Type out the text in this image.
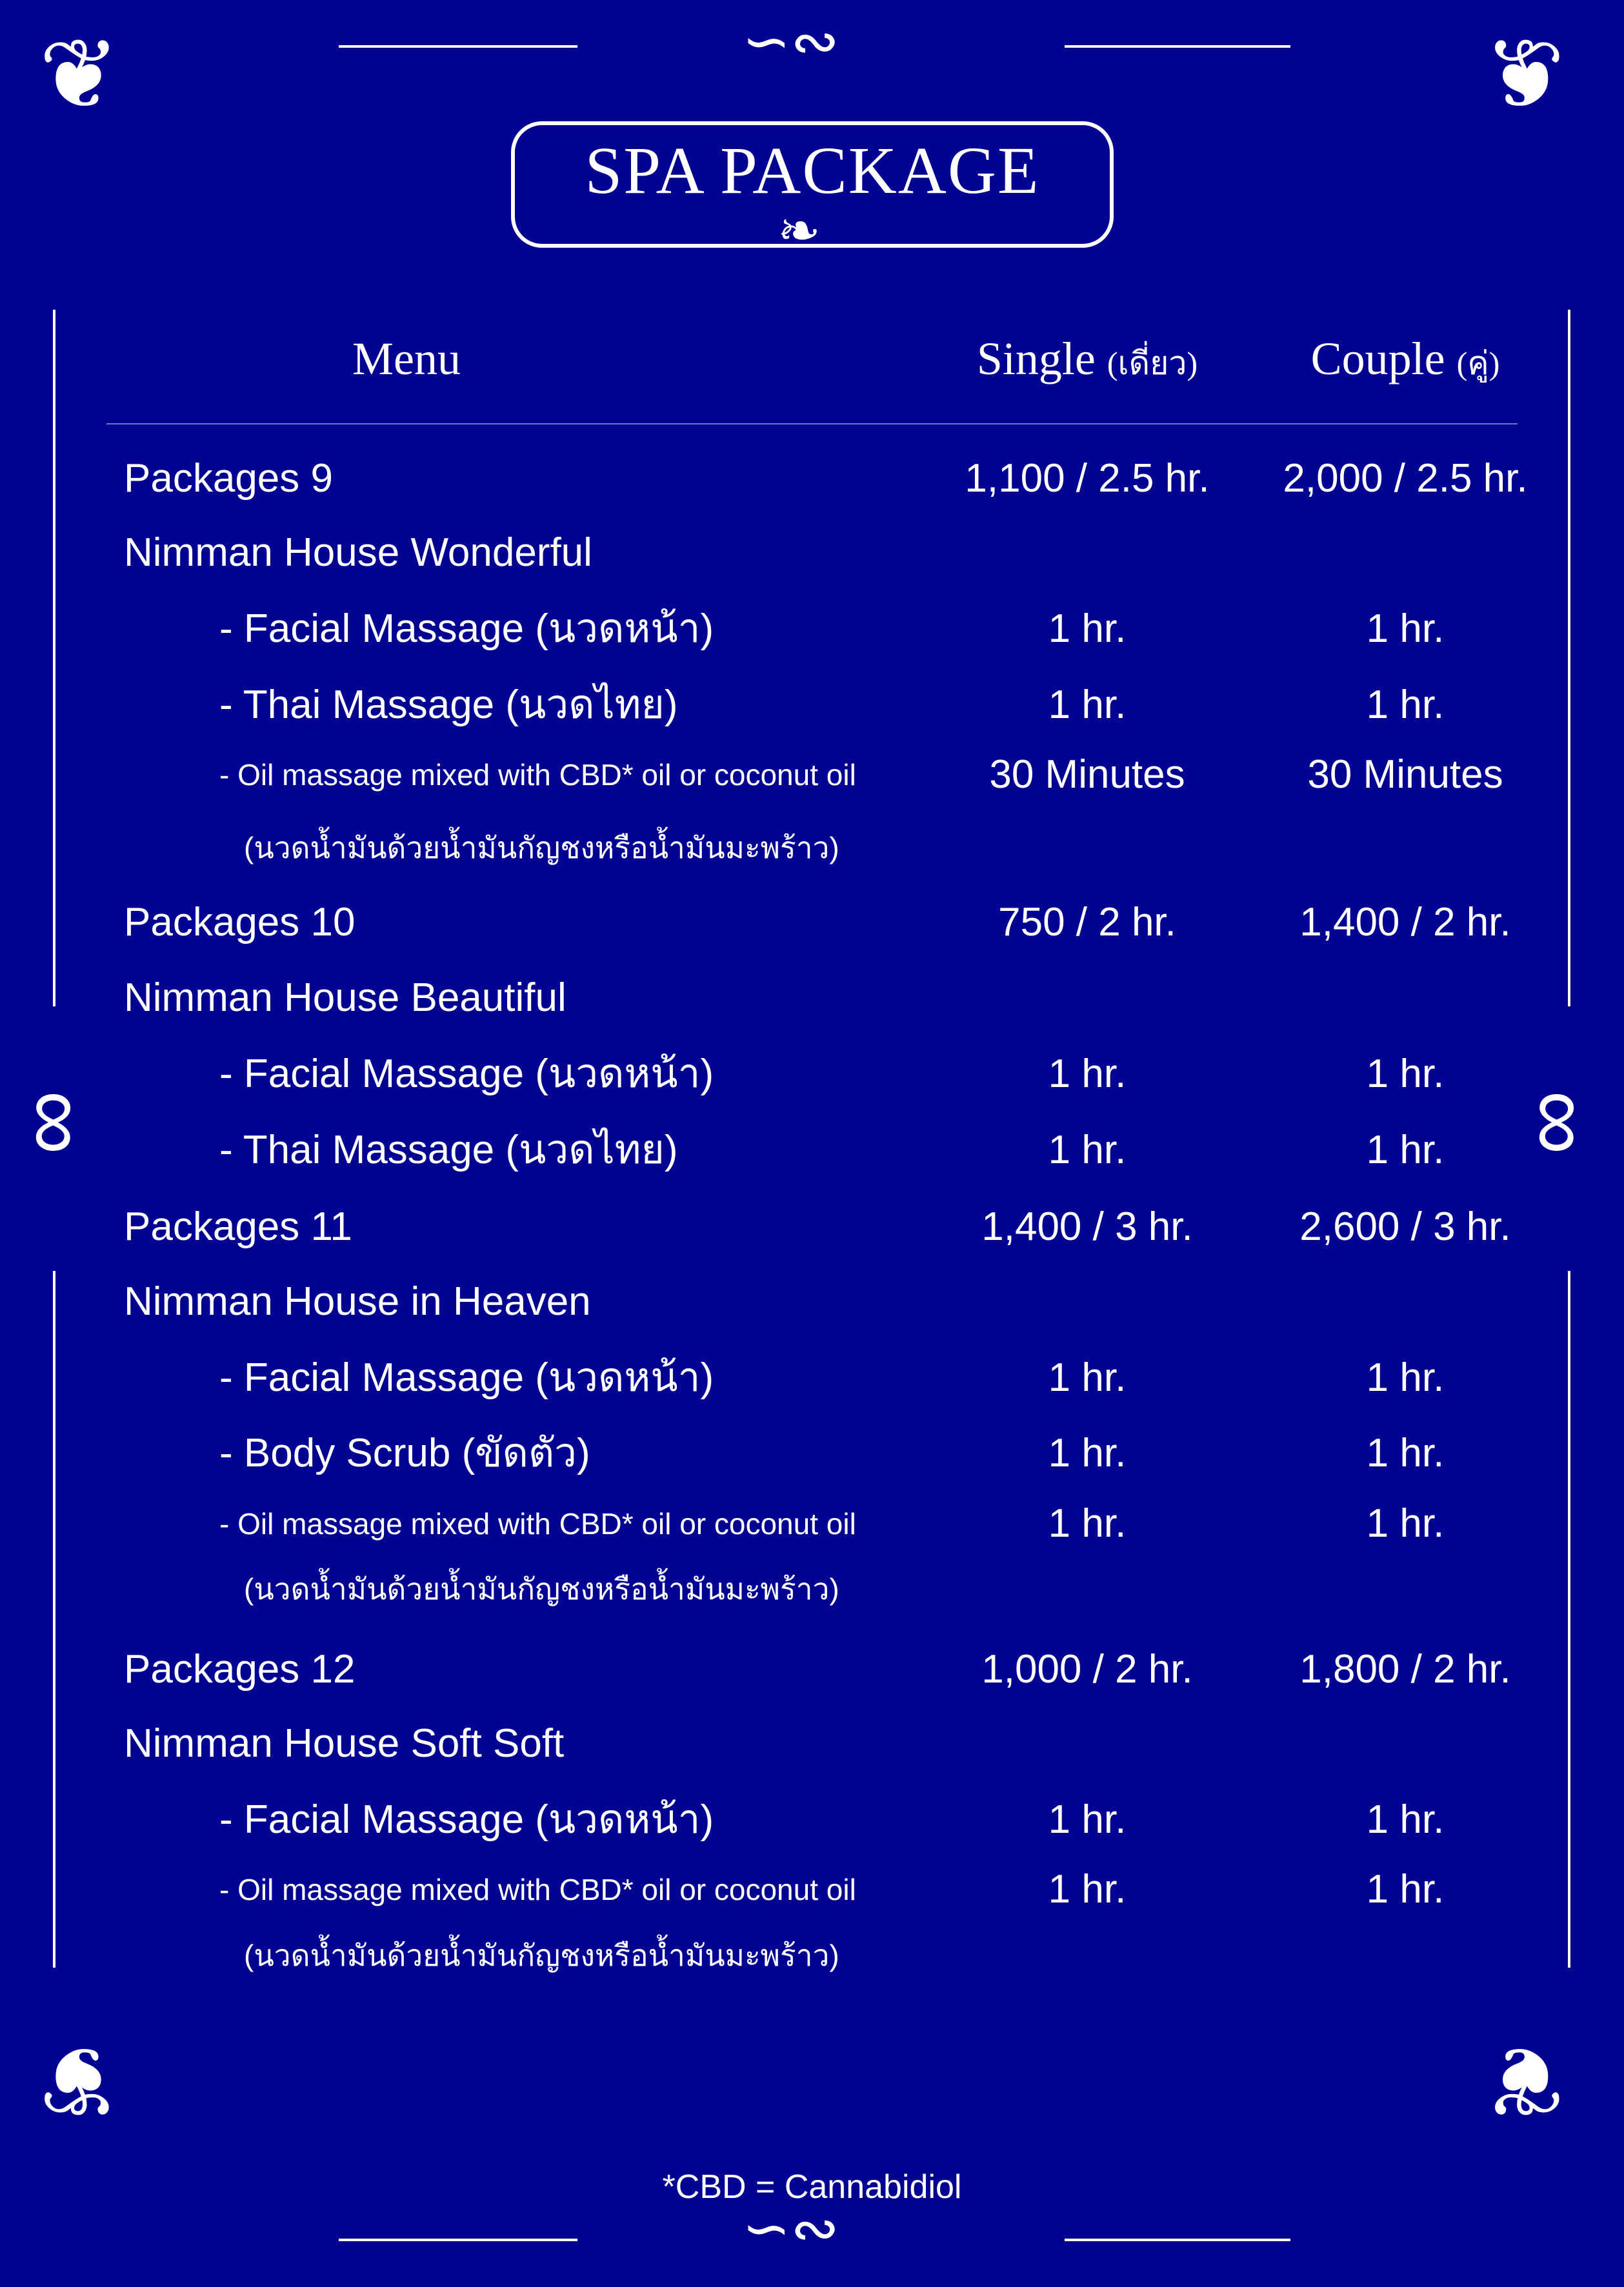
❦	❦
❦	❦
∽∾
∽∾
∞	∞
SPA PACKAGE
❧
Menu	Single (เดี่ยว)	Couple (คู่)
Packages 9	1,100 / 2.5 hr.	2,000 / 2.5 hr.
Nimman House Wonderful
- Facial Massage (นวดหน้า)	1 hr.	1 hr.
- Thai Massage (นวดไทย)	1 hr.	1 hr.
- Oil massage mixed with CBD* oil or coconut oil	30 Minutes	30 Minutes
(นวดน้ำมันด้วยน้ำมันกัญชงหรือน้ำมันมะพร้าว)
Packages 10	750 / 2 hr.	1,400 / 2 hr.
Nimman House Beautiful
- Facial Massage (นวดหน้า)	1 hr.	1 hr.
- Thai Massage (นวดไทย)	1 hr.	1 hr.
Packages 11	1,400 / 3 hr.	2,600 / 3 hr.
Nimman House in Heaven
- Facial Massage (นวดหน้า)	1 hr.	1 hr.
- Body Scrub (ขัดตัว)	1 hr.	1 hr.
- Oil massage mixed with CBD* oil or coconut oil	1 hr.	1 hr.
(นวดน้ำมันด้วยน้ำมันกัญชงหรือน้ำมันมะพร้าว)
Packages 12	1,000 / 2 hr.	1,800 / 2 hr.
Nimman House Soft Soft
- Facial Massage (นวดหน้า)	1 hr.	1 hr.
- Oil massage mixed with CBD* oil or coconut oil	1 hr.	1 hr.
(นวดน้ำมันด้วยน้ำมันกัญชงหรือน้ำมันมะพร้าว)
*CBD = Cannabidiol
